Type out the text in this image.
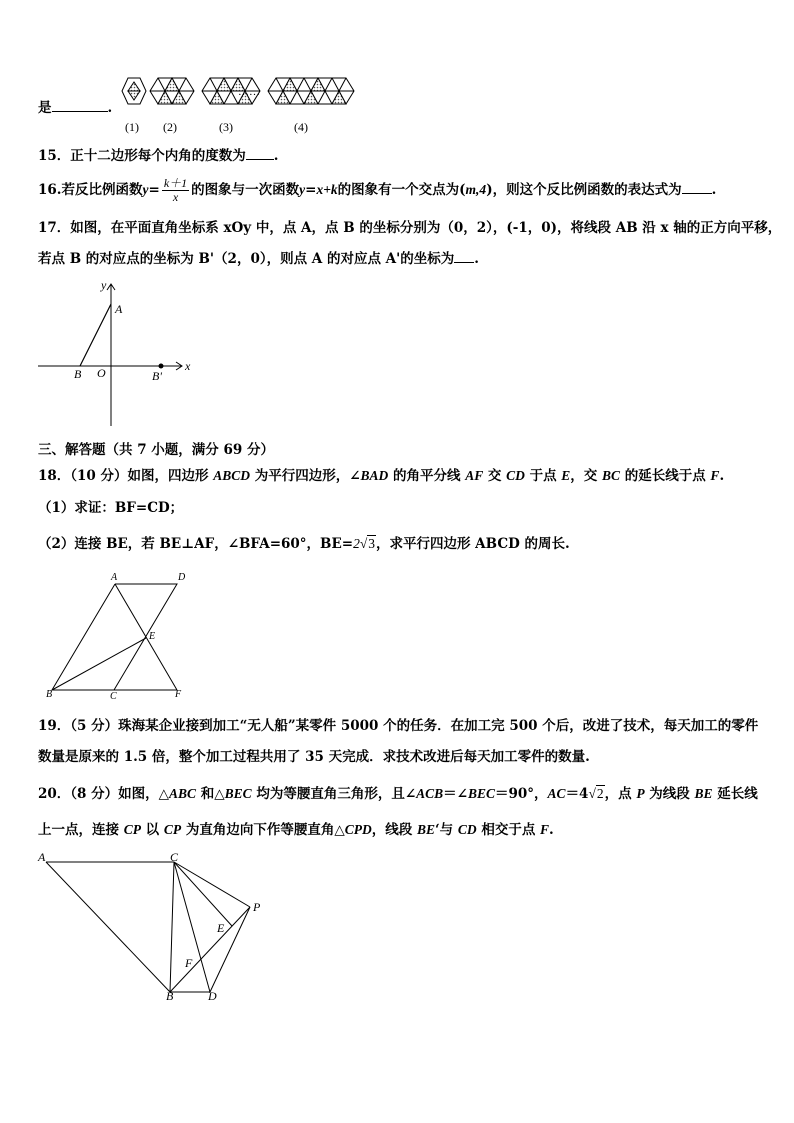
是	.
……
(1) (2)	(3)	(4)
15．正十二边形每个内角的度数为 .
16.若反比例函数$y= \frac{k+1}{x}$ 的图象与一次函数y=x+k的图象有一个交点为(m,4)，则这个反比例函数的表达式为 .
17．如图，在平面直角坐标系 xOy 中，点 A，点 B 的坐标分别为（0，2），(-1，0)，将线段 AB 沿 x 轴的正方向平移，
若点 B 的对应点的坐标为 B'（2，0），则点 A 的对应点 A'的坐标为 .
y
A
x
B O	B'
三、解答题（共 7 小题，满分 69 分）
18．（10 分）如图，四边形 ABCD 为平行四边形，∠BAD 的角平分线 AF 交 CD 于点 E，交 BC 的延长线于点 F.
（1）求证：BF=CD；
（2）连接 BE，若 BE⊥AF，∠BFA=60°，BE=2√3，求平行四边形 ABCD 的周长.
A	D
E
B	C	F
19．（5 分）珠海某企业接到加工“无人船”某零件 5000 个的任务．在加工完 500 个后，改进了技术，每天加工的零件
数量是原来的 1.5 倍，整个加工过程共用了 35 天完成．求技术改进后每天加工零件的数量.
20．（8 分）如图，△ABC 和△BEC 均为等腰直角三角形，且∠ACB＝∠BEC＝90°，AC＝4√2，点 P 为线段 BE 延长线
上一点，连接 CP 以 CP 为直角边向下作等腰直角△CPD，线段 BE‘与 CD 相交于点 F.
A	C
P
E
F
B	D
